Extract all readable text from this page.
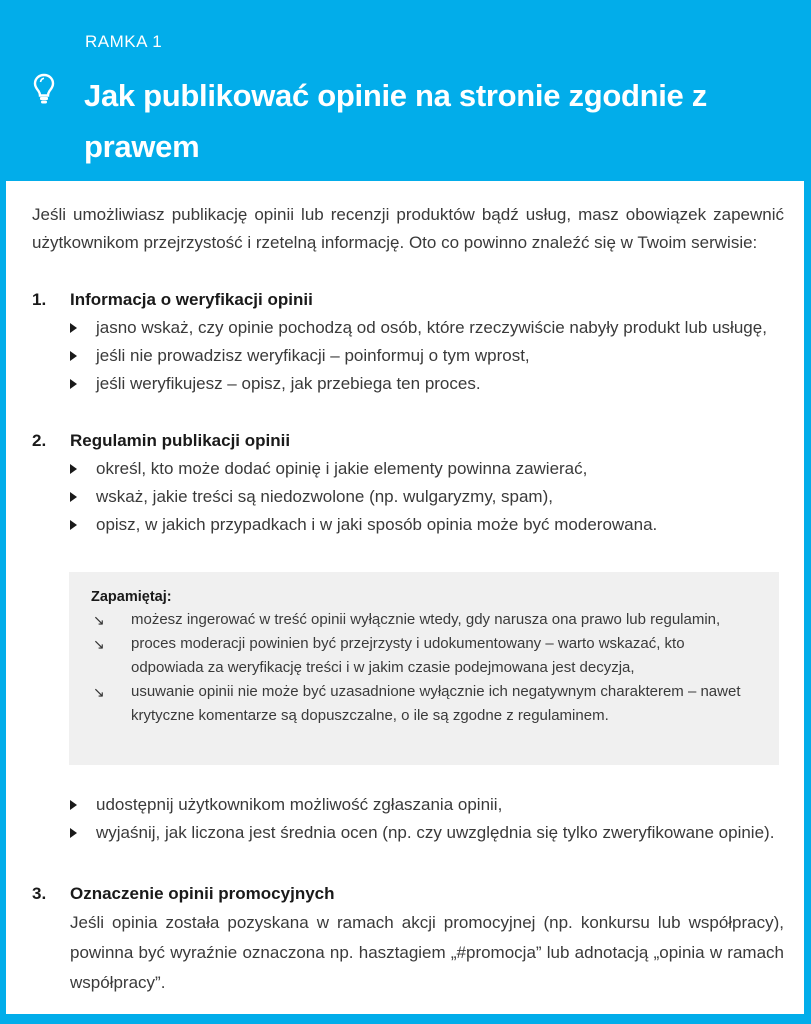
RAMKA 1
Jak publikować opinie na stronie zgodnie z prawem

Jeśli umożliwiasz publikację opinii lub recenzji produktów bądź usług, masz obowiązek zapewnić użytkownikom przejrzystość i rzetelną informację. Oto co powinno znaleźć się w Twoim serwisie:

1.	Informacja o weryfikacji opinii
jasno wskaż, czy opinie pochodzą od osób, które rzeczywiście nabyły produkt lub usługę,
jeśli nie prowadzisz weryfikacji – poinformuj o tym wprost,
jeśli weryfikujesz – opisz, jak przebiega ten proces.
2.	Regulamin publikacji opinii
określ, kto może dodać opinię i jakie elementy powinna zawierać,
wskaż, jakie treści są niedozwolone (np. wulgaryzmy, spam),
opisz, w jakich przypadkach i w jaki sposób opinia może być moderowana.
Zapamiętaj:
↘ możesz ingerować w treść opinii wyłącznie wtedy, gdy narusza ona prawo lub regulamin,
↘ proces moderacji powinien być przejrzysty i udokumentowany – warto wskazać, kto odpowiada za weryfikację treści i w jakim czasie podejmowana jest decyzja,
↘ usuwanie opinii nie może być uzasadnione wyłącznie ich negatywnym charakterem – nawet krytyczne komentarze są dopuszczalne, o ile są zgodne z regulaminem.
udostępnij użytkownikom możliwość zgłaszania opinii,
wyjaśnij, jak liczona jest średnia ocen (np. czy uwzględnia się tylko zweryfikowane opinie).
3.	Oznaczenie opinii promocyjnych

Jeśli opinia została pozyskana w ramach akcji promocyjnej (np. konkursu lub współpracy), powinna być wyraźnie oznaczona np. hasztagiem „#promocja” lub adnotacją „opinia w ramach współpracy”.
